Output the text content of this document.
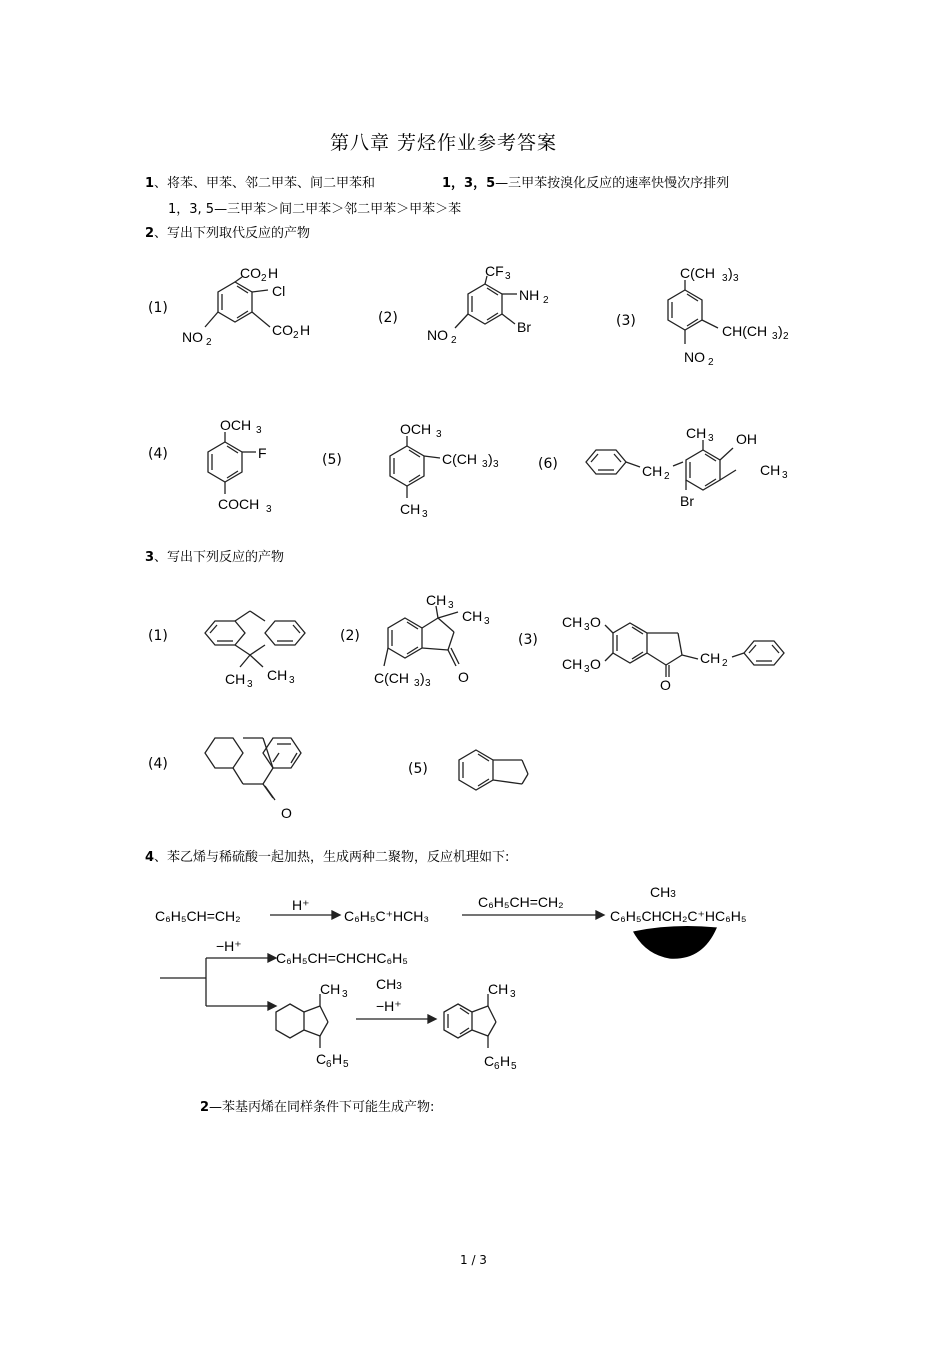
第八章 芳烃作业参考答案
1、将苯、甲苯、邻二甲苯、间二甲苯和	1，3，5—三甲苯按溴化反应的速率快慢次序排列
1，3, 5—三甲苯＞间二甲苯＞邻二甲苯＞甲苯＞苯
2、写出下列取代反应的产物
(1)
(2)	(3)
(4)	(5)	(6)
CO 2 H
Cl
CO 2 H
NO 2
CF 3
NH 2
Br
NO 2
C(CH 3 ) 3
CH(CH 3 ) 2
NO 2
OCH 3
F
COCH 3
OCH 3
C(CH 3 ) 3
CH 3
CH 2
CH 3 OH
CH 3
Br
3、写出下列反应的产物
(1)	(2)	(3)
(4)	(5)
CH 3
CH 3
CH 3
CH 3
O
C(CH 3 ) 3
CH 3 O
CH 3 O	CH 2
O
O
4、苯乙烯与稀硫酸一起加热，生成两种二聚物，反应机理如下:
C₆H₅CH=CH₂
H⁺
C₆H₅C⁺HCH₃
C₆H₅CH=CH₂
CH3
C₆H₅CHCH₂C⁺HC₆H₅
−H⁺
C₆H₅CH=CHCHC₆H₅
CH3
CH 3
C 6 H 5
−H⁺
CH 3
C 6 H 5
2—苯基丙烯在同样条件下可能生成产物:
1 / 3
